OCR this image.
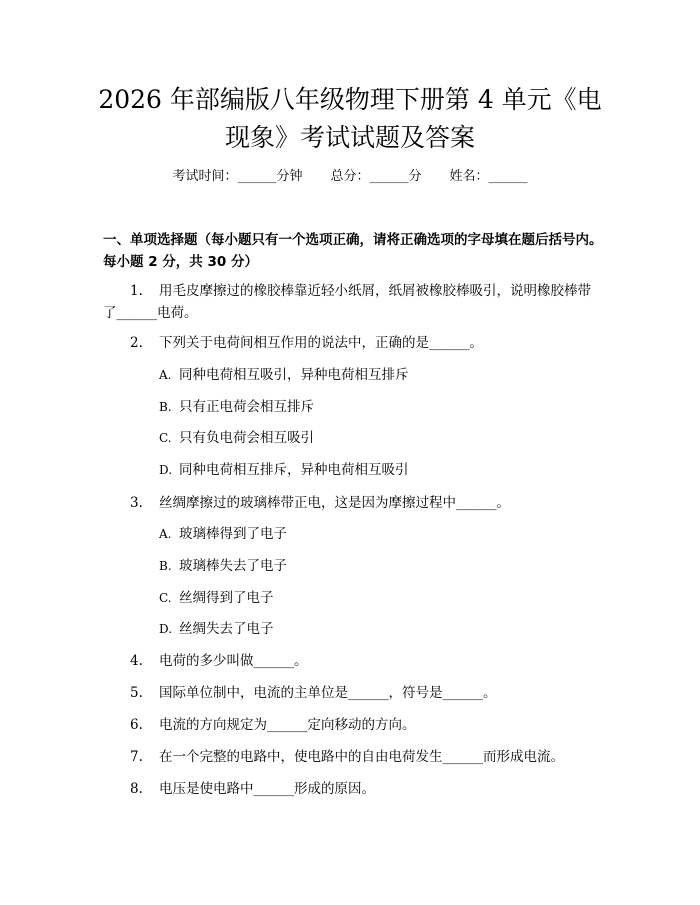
2026 年部编版八年级物理下册第 4 单元《电现象》考试试题及答案
考试时间：______分钟 总分：______分 姓名：______
一、单项选择题（每小题只有一个选项正确，请将正确选项的字母填在题后括号内。每小题 2 分，共 30 分）
1. 用毛皮摩擦过的橡胶棒靠近轻小纸屑，纸屑被橡胶棒吸引，说明橡胶棒带了______电荷。
2.	下列关于电荷间相互作用的说法中，正确的是______。
A. 同种电荷相互吸引，异种电荷相互排斥
B. 只有正电荷会相互排斥
C. 只有负电荷会相互吸引
D. 同种电荷相互排斥，异种电荷相互吸引
3.	丝绸摩擦过的玻璃棒带正电，这是因为摩擦过程中______。
A. 玻璃棒得到了电子
B. 玻璃棒失去了电子
C. 丝绸得到了电子
D. 丝绸失去了电子
4.	电荷的多少叫做______。
5.	国际单位制中，电流的主单位是______，符号是______。
6.	电流的方向规定为______定向移动的方向。
7.	在一个完整的电路中，使电路中的自由电荷发生______而形成电流。
8.	电压是使电路中______形成的原因。
